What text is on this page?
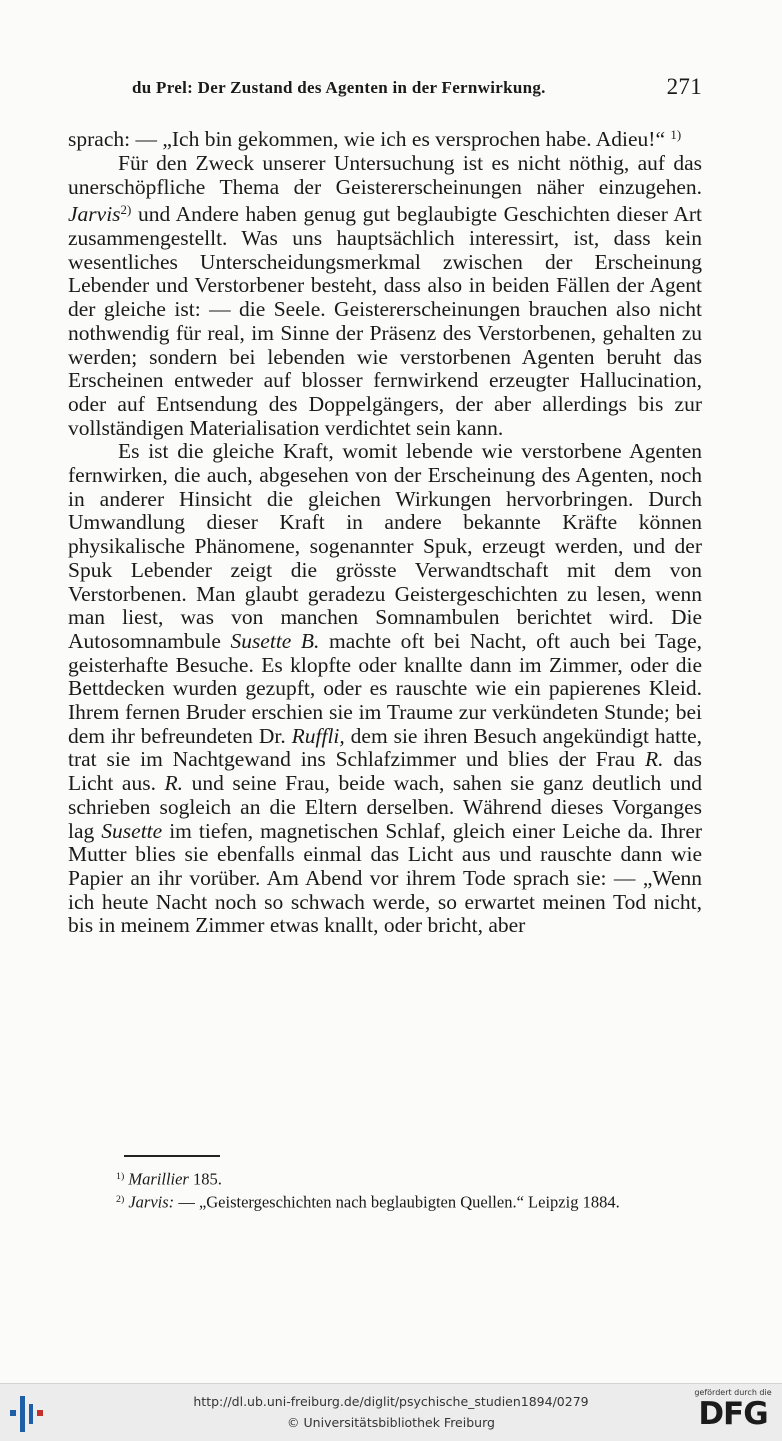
du Prel: Der Zustand des Agenten in der Fernwirkung.	271

sprach: — „Ich bin gekommen, wie ich es versprochen habe. Adieu!“ $^{1)}$

Für den Zweck unserer Untersuchung ist es nicht nöthig, auf das unerschöpfliche Thema der Geistererscheinungen näher einzugehen. Jarvis$^{2)}$ und Andere haben genug gut beglaubigte Geschichten dieser Art zusammengestellt. Was uns hauptsächlich interessirt, ist, dass kein wesentliches Unterscheidungsmerkmal zwischen der Erscheinung Lebender und Verstorbener besteht, dass also in beiden Fällen der Agent der gleiche ist: — die Seele. Geistererscheinungen brauchen also nicht nothwendig für real, im Sinne der Präsenz des Verstorbenen, gehalten zu werden; sondern bei lebenden wie verstorbenen Agenten beruht das Erscheinen entweder auf blosser fernwirkend erzeugter Hallucination, oder auf Entsendung des Doppelgängers, der aber allerdings bis zur vollständigen Materialisation verdichtet sein kann.

Es ist die gleiche Kraft, womit lebende wie verstorbene Agenten fernwirken, die auch, abgesehen von der Erscheinung des Agenten, noch in anderer Hinsicht die gleichen Wirkungen hervorbringen. Durch Umwandlung dieser Kraft in andere bekannte Kräfte können physikalische Phänomene, sogenannter Spuk, erzeugt werden, und der Spuk Lebender zeigt die grösste Verwandtschaft mit dem von Verstorbenen. Man glaubt geradezu Geistergeschichten zu lesen, wenn man liest, was von manchen Somnambulen berichtet wird. Die Autosomnambule Susette B. machte oft bei Nacht, oft auch bei Tage, geisterhafte Besuche. Es klopfte oder knallte dann im Zimmer, oder die Bettdecken wurden gezupft, oder es rauschte wie ein papierenes Kleid. Ihrem fernen Bruder erschien sie im Traume zur verkündeten Stunde; bei dem ihr befreundeten Dr. Ruffli, dem sie ihren Besuch angekündigt hatte, trat sie im Nachtgewand ins Schlafzimmer und blies der Frau R. das Licht aus. R. und seine Frau, beide wach, sahen sie ganz deutlich und schrieben sogleich an die Eltern derselben. Während dieses Vorganges lag Susette im tiefen, magnetischen Schlaf, gleich einer Leiche da. Ihrer Mutter blies sie ebenfalls einmal das Licht aus und rauschte dann wie Papier an ihr vorüber. Am Abend vor ihrem Tode sprach sie: — „Wenn ich heute Nacht noch so schwach werde, so erwartet meinen Tod nicht, bis in meinem Zimmer etwas knallt, oder bricht, aber

$^{1)}$ Marillier 185.

$^{2)}$ Jarvis: — „Geistergeschichten nach beglaubigten Quellen.“ Leipzig 1884.

http://dl.ub.uni-freiburg.de/diglit/psychische_studien1894/0279
© Universitätsbibliothek Freiburg
gefördert durch die
DFG
